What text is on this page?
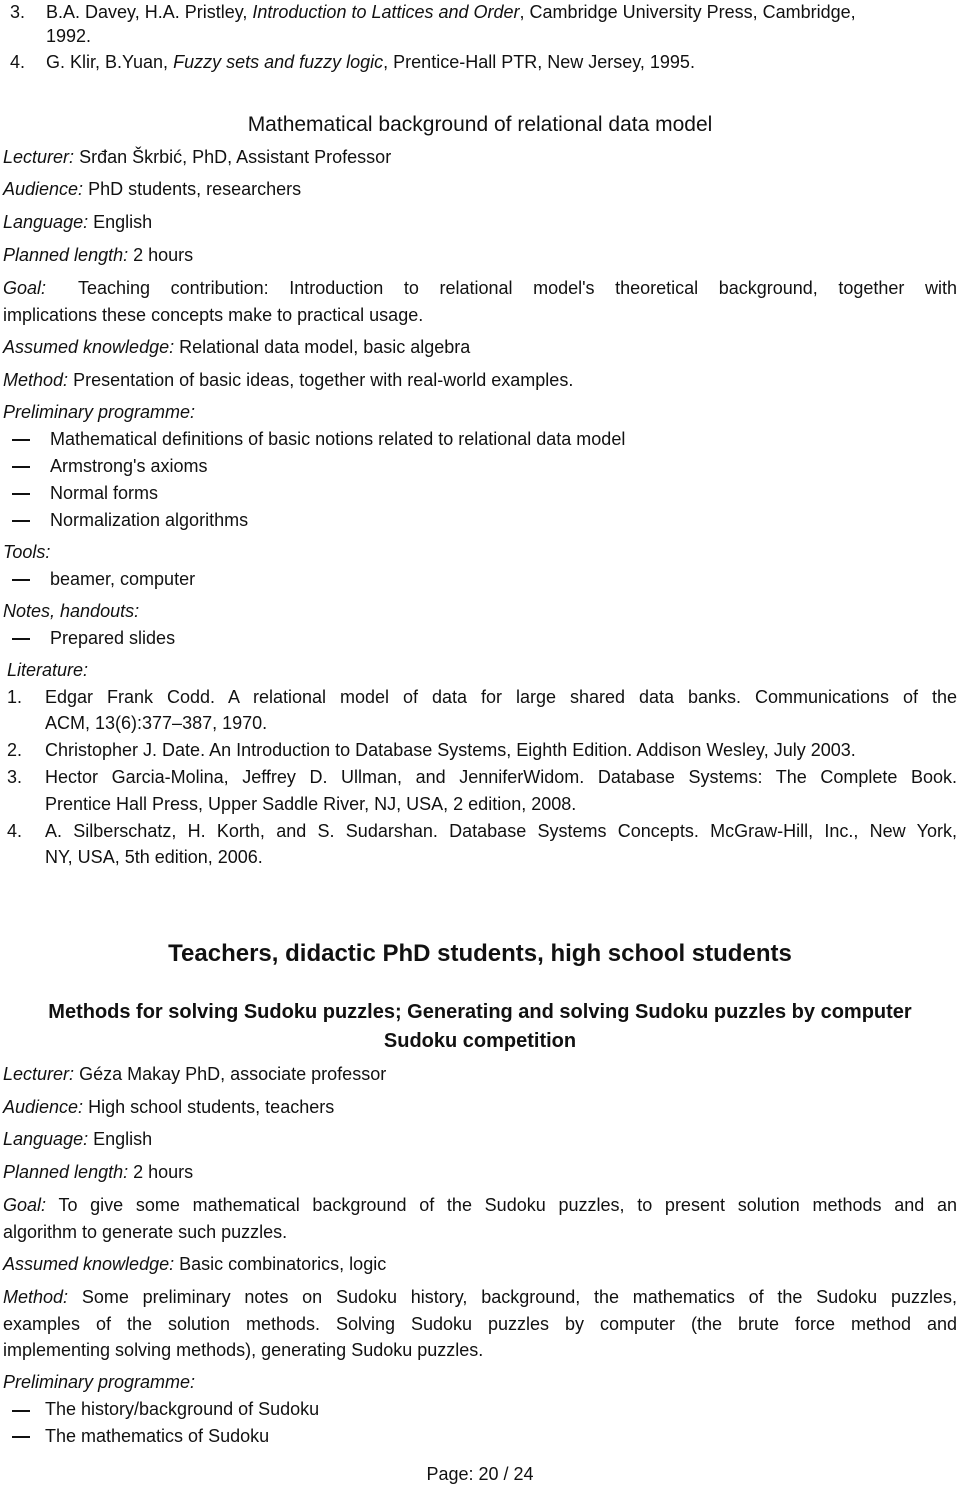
3. B.A. Davey, H.A. Pristley, Introduction to Lattices and Order, Cambridge University Press, Cambridge,
1992.
4. G. Klir, B.Yuan, Fuzzy sets and fuzzy logic, Prentice-Hall PTR, New Jersey, 1995.
Mathematical background of relational data model
Lecturer: Srđan Škrbić, PhD, Assistant Professor
Audience: PhD students, researchers
Language: English
Planned length: 2 hours
Goal: Teaching contribution: Introduction to relational model's theoretical background, together with
implications these concepts make to practical usage.
Assumed knowledge: Relational data model, basic algebra
Method: Presentation of basic ideas, together with real-world examples.
Preliminary programme:
Mathematical definitions of basic notions related to relational data model
Armstrong's axioms
Normal forms
Normalization algorithms
Tools:
beamer, computer
Notes, handouts:
Prepared slides
Literature:
1. Edgar Frank Codd. A relational model of data for large shared data banks. Communications of the
ACM, 13(6):377–387, 1970.
2. Christopher J. Date. An Introduction to Database Systems, Eighth Edition. Addison Wesley, July 2003.
3. Hector Garcia-Molina, Jeffrey D. Ullman, and JenniferWidom. Database Systems: The Complete Book.
Prentice Hall Press, Upper Saddle River, NJ, USA, 2 edition, 2008.
4. A. Silberschatz, H. Korth, and S. Sudarshan. Database Systems Concepts. McGraw-Hill, Inc., New York,
NY, USA, 5th edition, 2006.
Teachers, didactic PhD students, high school students
Methods for solving Sudoku puzzles; Generating and solving Sudoku puzzles by computer
Sudoku competition
Lecturer: Géza Makay PhD, associate professor
Audience: High school students, teachers
Language: English
Planned length: 2 hours
Goal: To give some mathematical background of the Sudoku puzzles, to present solution methods and an
algorithm to generate such puzzles.
Assumed knowledge: Basic combinatorics, logic
Method: Some preliminary notes on Sudoku history, background, the mathematics of the Sudoku puzzles,
examples of the solution methods. Solving Sudoku puzzles by computer (the brute force method and
implementing solving methods), generating Sudoku puzzles.
Preliminary programme:
The history/background of Sudoku
The mathematics of Sudoku
Page: 20 / 24
